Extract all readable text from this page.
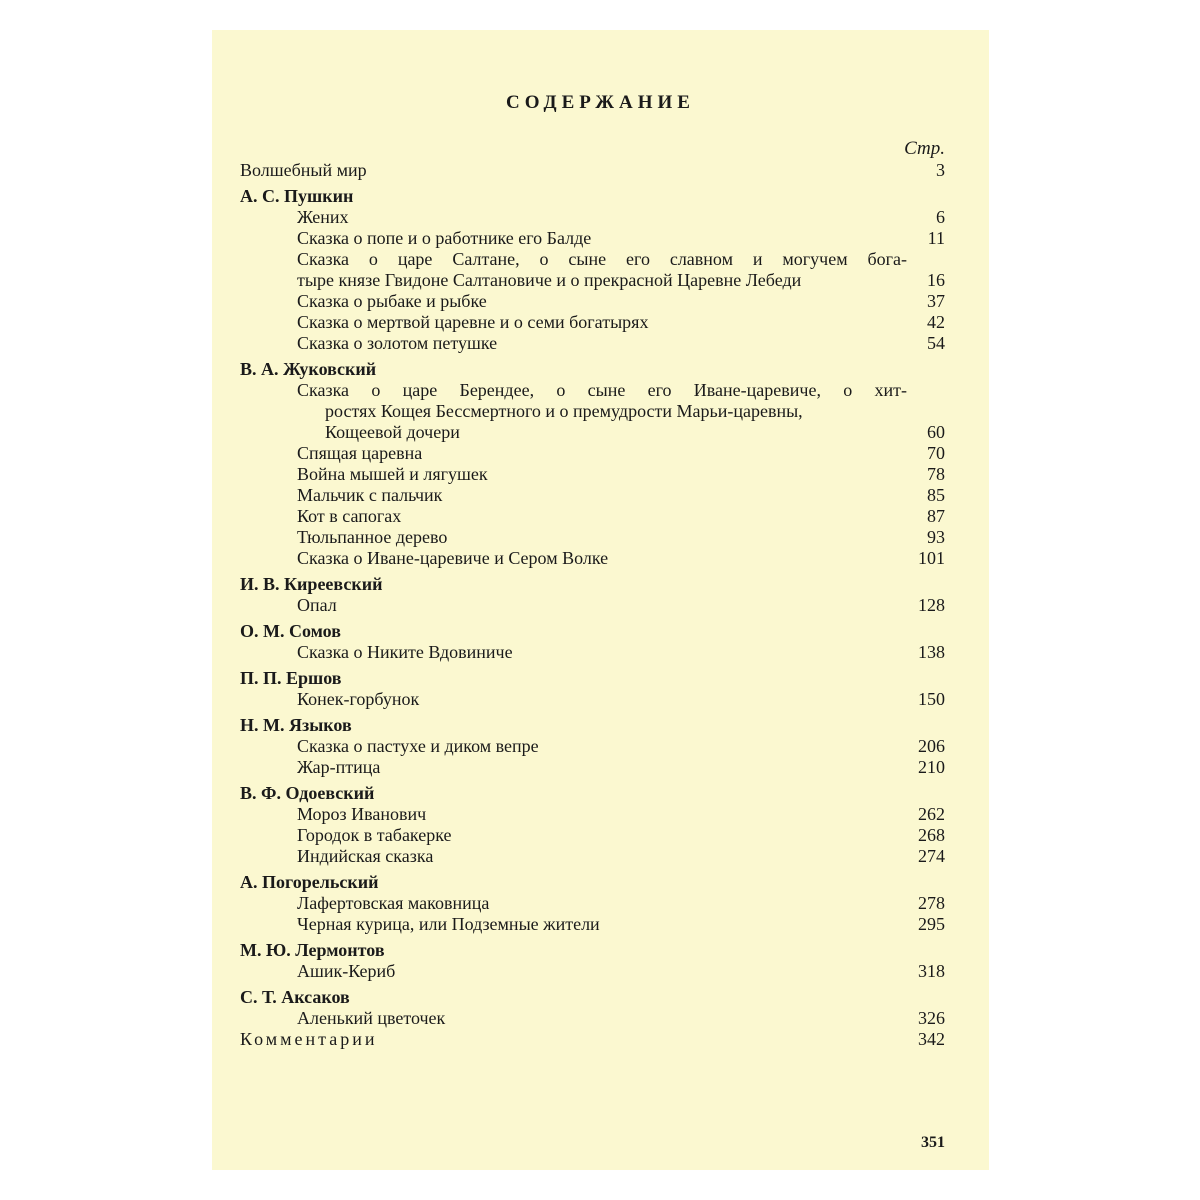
СОДЕРЖАНИЕ
Стр.
Волшебный мир	3
А. С. Пушкин
Жених	6
Сказка о попе и о работнике его Балде	11
Сказка о царе Салтане, о сыне его славном и могучем бога-
тыре князе Гвидоне Салтановиче и о прекрасной Царевне Лебеди	16
Сказка о рыбаке и рыбке	37
Сказка о мертвой царевне и о семи богатырях	42
Сказка о золотом петушке	54
В. А. Жуковский
Сказка о царе Берендее, о сыне его Иване-царевиче, о хит-
ростях Кощея Бессмертного и о премудрости Марьи-царевны,
Кощеевой дочери	60
Спящая царевна	70
Война мышей и лягушек	78
Мальчик с пальчик	85
Кот в сапогах	87
Тюльпанное дерево	93
Сказка о Иване-царевиче и Сером Волке	101
И. В. Киреевский
Опал	128
О. М. Сомов
Сказка о Никите Вдовиниче	138
П. П. Ершов
Конек-горбунок	150
Н. М. Языков
Сказка о пастухе и диком вепре	206
Жар-птица	210
В. Ф. Одоевский
Мороз Иванович	262
Городок в табакерке	268
Индийская сказка	274
А. Погорельский
Лафертовская маковница	278
Черная курица, или Подземные жители	295
М. Ю. Лермонтов
Ашик-Кериб	318
С. Т. Аксаков
Аленький цветочек	326
Комментарии	342
351
